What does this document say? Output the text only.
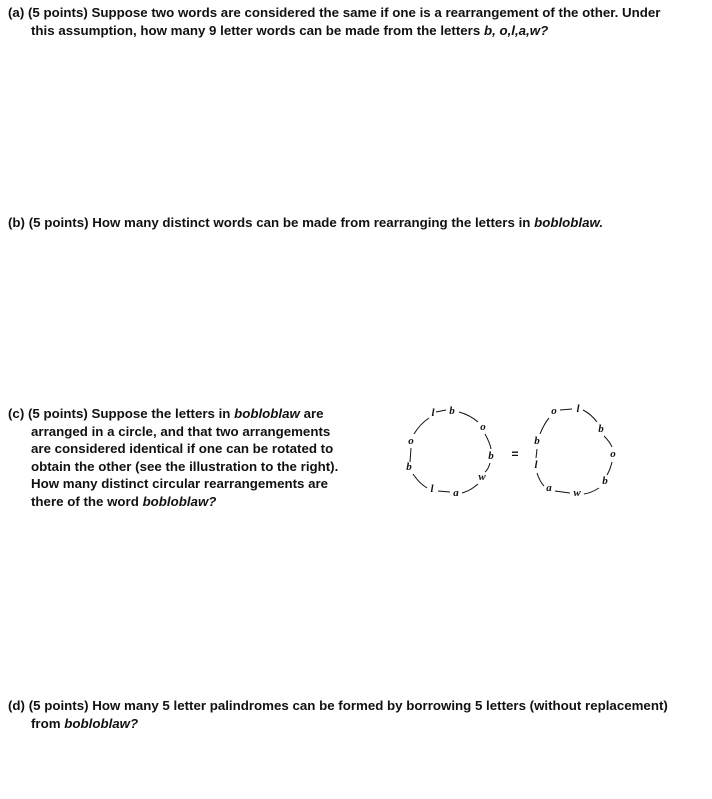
(a) (5 points) Suppose two words are considered the same if one is a rearrangement of the other. Under
this assumption, how many 9 letter words can be made from the letters b, o,l,a,w?
(b) (5 points) How many distinct words can be made from rearranging the letters in bobloblaw.
(c) (5 points) Suppose the letters in bobloblaw are
arranged in a circle, and that two arrangements
are considered identical if one can be rotated to
obtain the other (see the illustration to the right).
How many distinct circular rearrangements are
there of the word bobloblaw?
b
o
b
w
a
l
b
o
l
=
o l
b
o
b
w
a
l
b
(d) (5 points) How many 5 letter palindromes can be formed by borrowing 5 letters (without replacement)
from bobloblaw?
